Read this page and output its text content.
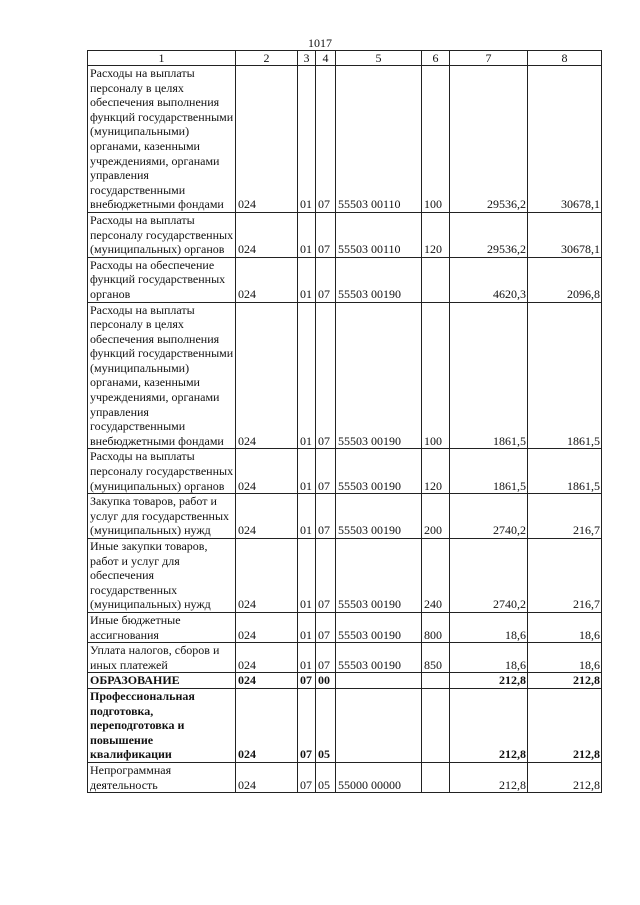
1017
1	2	3	4	5	6	7	8
Расходы на выплаты персоналу в целях обеспечения выполнения функций государственными (муниципальными) органами, казенными учреждениями, органами управления государственными внебюджетными фондами	024	01	07	55503 00110	100	29536,2	30678,1
Расходы на выплаты персоналу государственных (муниципальных) органов	024	01	07	55503 00110	120	29536,2	30678,1
Расходы на обеспечение функций государственных органов	024	01	07	55503 00190		4620,3	2096,8
Расходы на выплаты персоналу в целях обеспечения выполнения функций государственными (муниципальными) органами, казенными учреждениями, органами управления государственными внебюджетными фондами	024	01	07	55503 00190	100	1861,5	1861,5
Расходы на выплаты персоналу государственных (муниципальных) органов	024	01	07	55503 00190	120	1861,5	1861,5
Закупка товаров, работ и услуг для государственных (муниципальных) нужд	024	01	07	55503 00190	200	2740,2	216,7
Иные закупки товаров, работ и услуг для обеспечения государственных (муниципальных) нужд	024	01	07	55503 00190	240	2740,2	216,7
Иные бюджетные ассигнования	024	01	07	55503 00190	800	18,6	18,6
Уплата налогов, сборов и иных платежей	024	01	07	55503 00190	850	18,6	18,6
ОБРАЗОВАНИЕ	024	07	00			212,8	212,8
Профессиональная подготовка, переподготовка и повышение квалификации	024	07	05			212,8	212,8
Непрограммная деятельность	024	07	05	55000 00000		212,8	212,8
